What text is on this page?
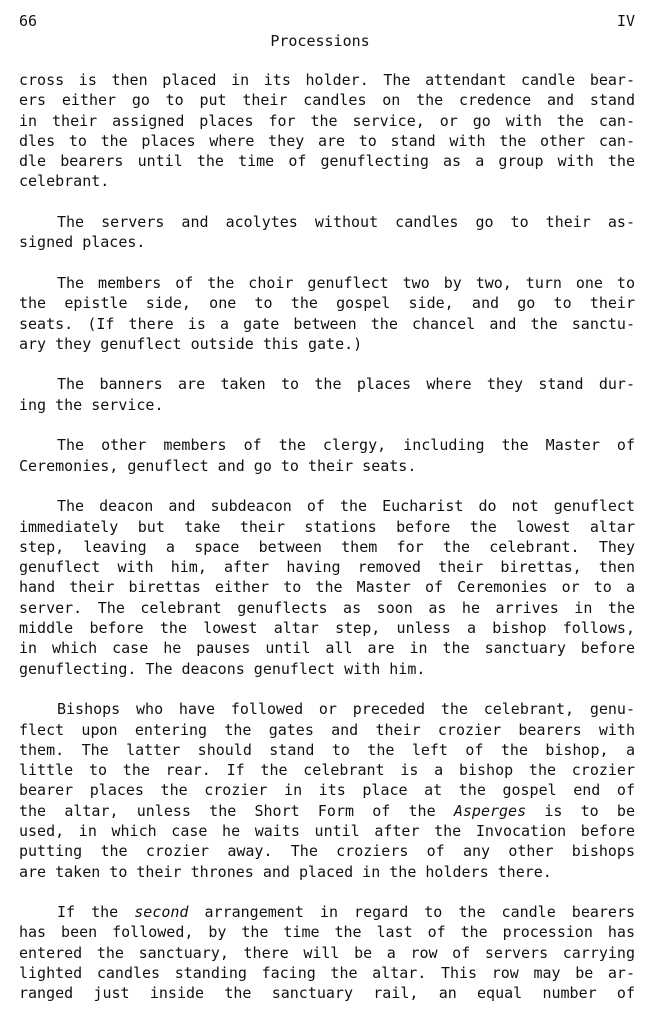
66	IV
Processions
cross is then placed in its holder. The attendant candle bear-
ers either go to put their candles on the credence and stand
in their assigned places for the service, or go with the can-
dles to the places where they are to stand with the other can-
dle bearers until the time of genuflecting as a group with the
celebrant.
The servers and acolytes without candles go to their as-
signed places.
The members of the choir genuflect two by two, turn one to
the epistle side, one to the gospel side, and go to their
seats. (If there is a gate between the chancel and the sanctu-
ary they genuflect outside this gate.)
The banners are taken to the places where they stand dur-
ing the service.
The other members of the clergy, including the Master of
Ceremonies, genuflect and go to their seats.
The deacon and subdeacon of the Eucharist do not genuflect
immediately but take their stations before the lowest altar
step, leaving a space between them for the celebrant. They
genuflect with him, after having removed their birettas, then
hand their birettas either to the Master of Ceremonies or to a
server. The celebrant genuflects as soon as he arrives in the
middle before the lowest altar step, unless a bishop follows,
in which case he pauses until all are in the sanctuary before
genuflecting. The deacons genuflect with him.
Bishops who have followed or preceded the celebrant, genu-
flect upon entering the gates and their crozier bearers with
them. The latter should stand to the left of the bishop, a
little to the rear. If the celebrant is a bishop the crozier
bearer places the crozier in its place at the gospel end of
the altar, unless the Short Form of the Asperges is to be
used, in which case he waits until after the Invocation before
putting the crozier away. The croziers of any other bishops
are taken to their thrones and placed in the holders there.
If the second arrangement in regard to the candle bearers
has been followed, by the time the last of the procession has
entered the sanctuary, there will be a row of servers carrying
lighted candles standing facing the altar. This row may be ar-
ranged just inside the sanctuary rail, an equal number of
